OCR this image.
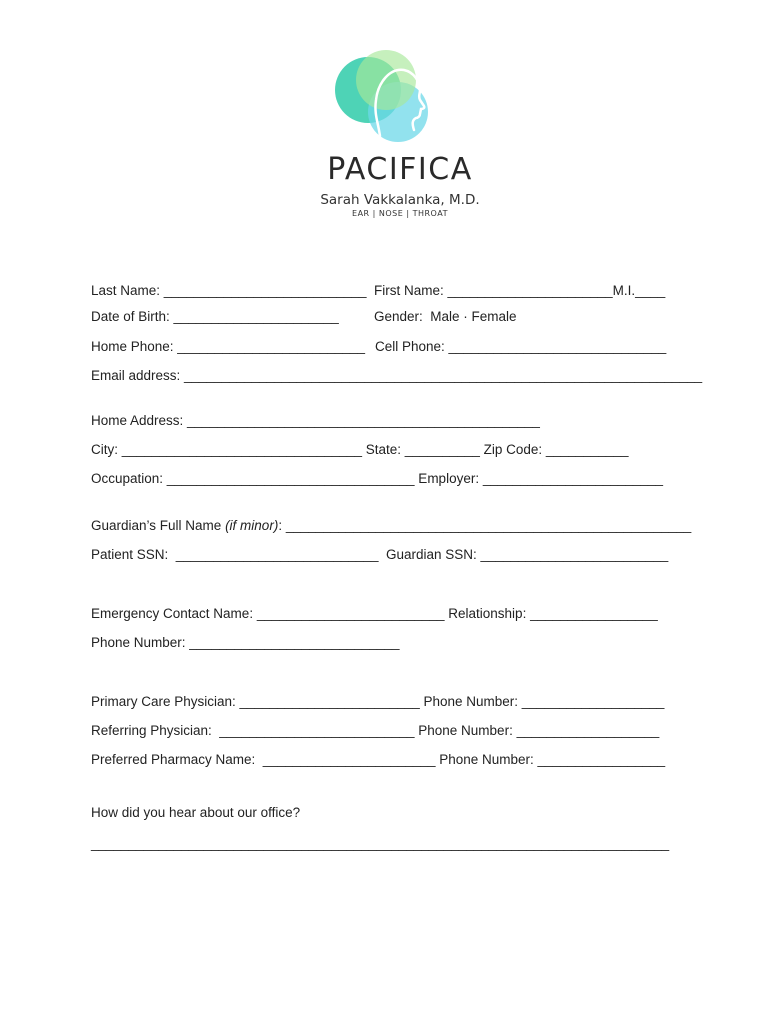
PACIFICA
Sarah Vakkalanka, M.D.
EAR | NOSE | THROAT
Last Name: ___________________________ First Name: ______________________M.I.____
Date of Birth: ______________________	Gender:  Male · Female
Home Phone: _________________________ Cell Phone: _____________________________
Email address: _____________________________________________________________________
Home Address: _______________________________________________
City: ________________________________ State: __________ Zip Code: ___________
Occupation: _________________________________ Employer: ________________________
Guardian’s Full Name (if minor): ______________________________________________________
Patient SSN:  ___________________________  Guardian SSN: _________________________
Emergency Contact Name: _________________________ Relationship: _________________
Phone Number: ____________________________
Primary Care Physician: ________________________ Phone Number: ___________________
Referring Physician:  __________________________ Phone Number: ___________________
Preferred Pharmacy Name:  _______________________ Phone Number: _________________
How did you hear about our office?
_____________________________________________________________________________
